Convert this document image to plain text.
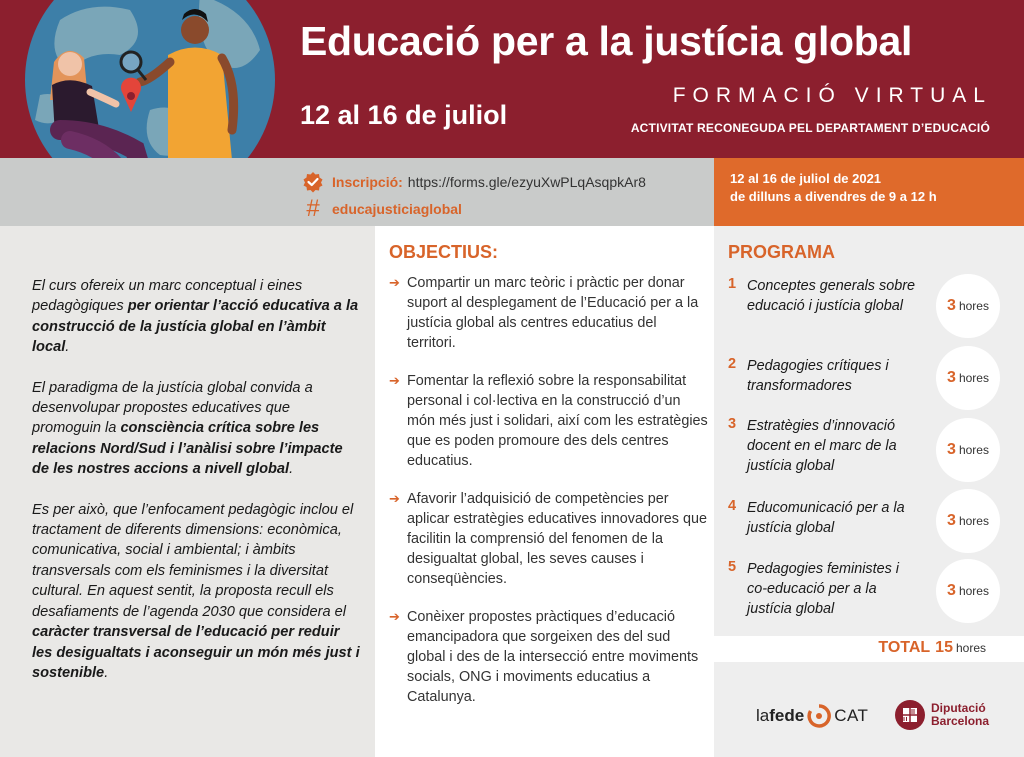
Educació per a la justícia global
12 al 16 de juliol
FORMACIÓ VIRTUAL
ACTIVITAT RECONEGUDA PEL DEPARTAMENT D’EDUCACIÓ
Inscripció: https://forms.gle/ezyuXwPLqAsqpkAr8
# educajusticiaglobal
12 al 16 de juliol de 2021
de dilluns a divendres de 9 a 12 h

El curs ofereix un marc conceptual i eines pedagògiques per orientar l’acció educativa a la construcció de la justícia global en l’àmbit local.

El paradigma de la justícia global convida a desenvolupar propostes educatives que promoguin la consciència crítica sobre les relacions Nord/Sud i l’anàlisi sobre l’impacte de les nostres accions a nivell global.

Es per això, que l’enfocament pedagògic inclou el tractament de diferents dimensions: econòmica, comunicativa, social i ambiental; i àmbits transversals com els feminismes i la diversitat cultural. En aquest sentit, la proposta recull els desafiaments de l’agenda 2030 que considera el caràcter transversal de l’educació per reduir les desigualtats i aconseguir un món més just i sostenible.

OBJECTIUS:
➔ Compartir un marc teòric i pràctic per donar suport al desplegament de l’Educació per a la justícia global als centres educatius del territori.
➔ Fomentar la reflexió sobre la responsabilitat personal i col·lectiva en la construcció d’un món més just i solidari, així com les estratègies que es poden promoure des dels centres educatius.
➔ Afavorir l’adquisició de competències per aplicar estratègies educatives innovadores que facilitin la comprensió del fenomen de la desigualtat global, les seves causes i conseqüències.
➔ Conèixer propostes pràctiques d’educació emancipadora que sorgeixen des del sud global i des de la intersecció entre moviments socials, ONG i moviments educatius a Catalunya.
PROGRAMA
1 Conceptes generals sobre educació i justícia global	3 hores
2 Pedagogies crítiques i transformadores	3 hores
3 Estratègies d’innovació docent en el marc de la justícia global
3 hores
4 Educomunicació per a la justícia global	3 hores
5 Pedagogies feministes i co-educació per a la justícia global
3 hores
TOTAL 15 hores
la fede CAT	Diputació
Barcelona
